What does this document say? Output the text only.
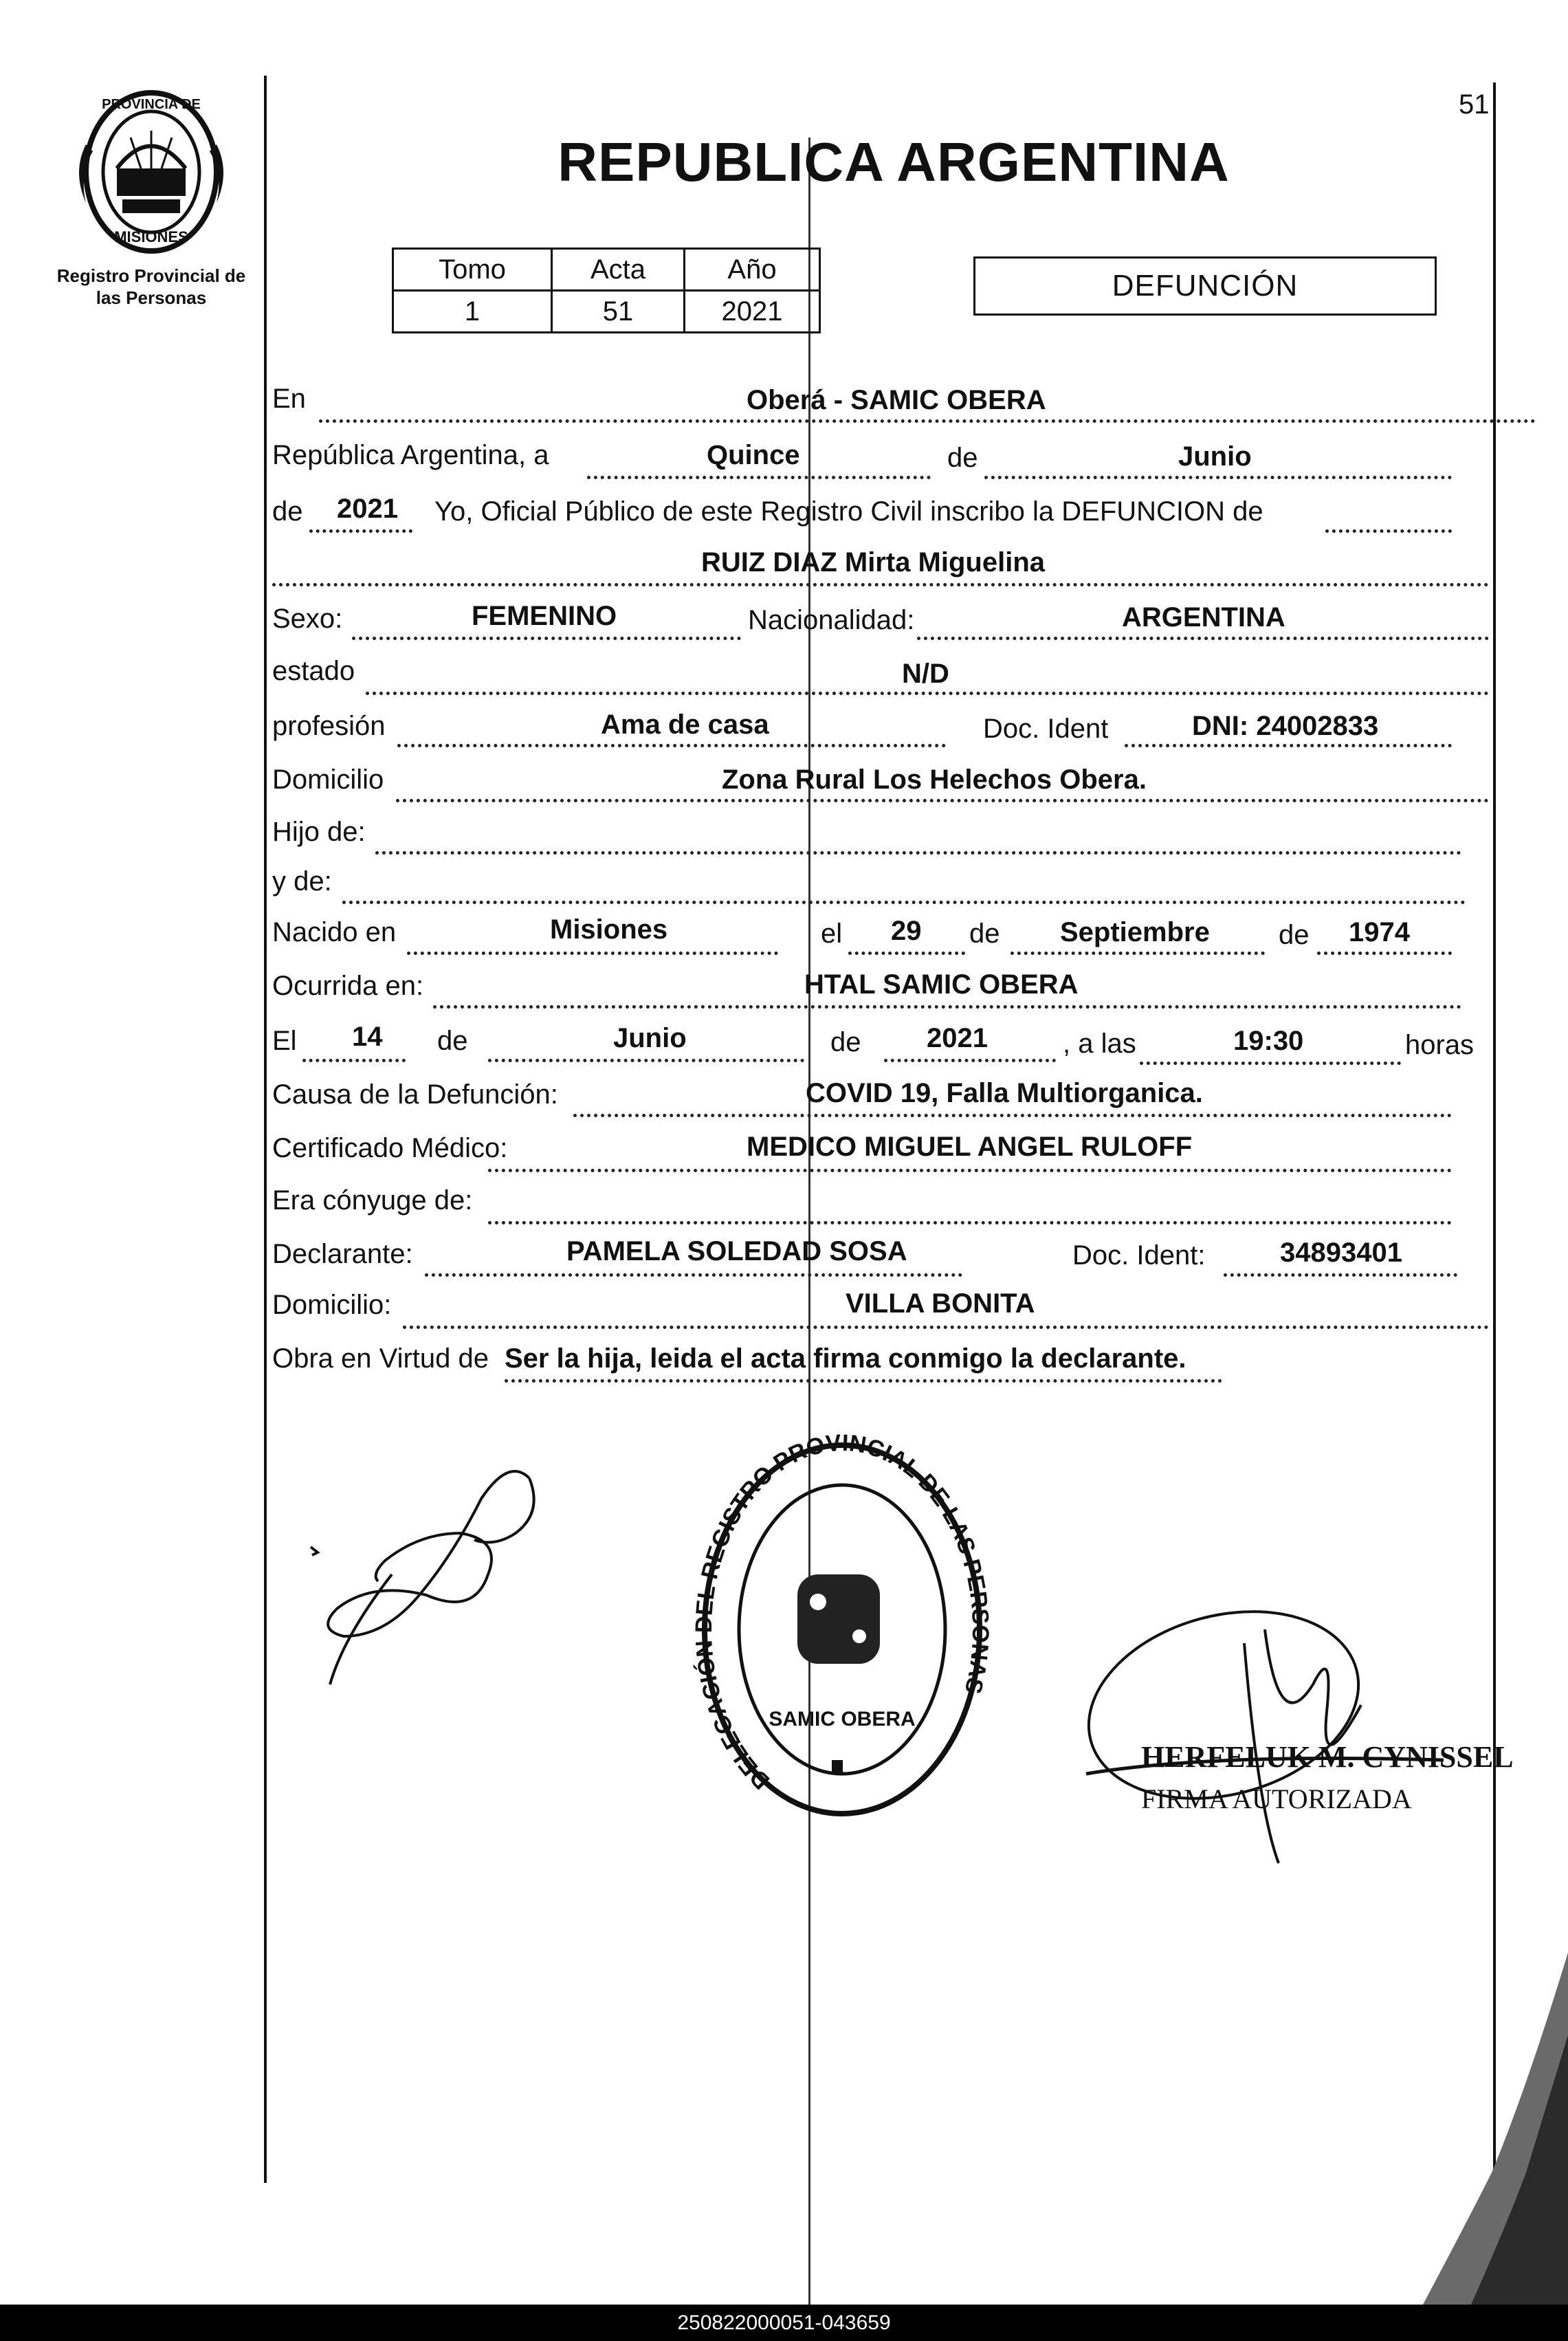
PROVINCIA DE
MISIONES
Registro Provincial de
las Personas
51
REPUBLICA ARGENTINA
Tomo	Acta	Año
1	51	2021
DEFUNCIÓN
En	Oberá - SAMIC OBERA
República Argentina, a	Quince	de	Junio
de 2021 Yo, Oficial Público de este Registro Civil inscribo la DEFUNCION de
RUIZ DIAZ Mirta Miguelina
Sexo:	FEMENINO	Nacionalidad:	ARGENTINA
estado	N/D
profesión	Ama de casa	Doc. Ident	DNI: 24002833
Domicilio	Zona Rural Los Helechos Obera.
Hijo de:
y de:
Nacido en	Misiones	el 29 de Septiembre	de 1974
Ocurrida en:	HTAL SAMIC OBERA
El 14 de	Junio	de 2021	, a las	19:30	horas
Causa de la Defunción:	COVID 19, Falla Multiorganica.
Certificado Médico:	MEDICO MIGUEL ANGEL RULOFF
Era cónyuge de:
Declarante:	PAMELA SOLEDAD SOSA	Doc. Ident:	34893401
Domicilio:	VILLA BONITA
Obra en Virtud de Ser la hija, leida el acta firma conmigo la declarante.
DELEGACIÓN DEL REGISTRO PROVINCIAL DE LAS PERSONAS
SAMIC OBERA
HERFELUK M. CYNISSEL
FIRMA AUTORIZADA
250822000051-043659
